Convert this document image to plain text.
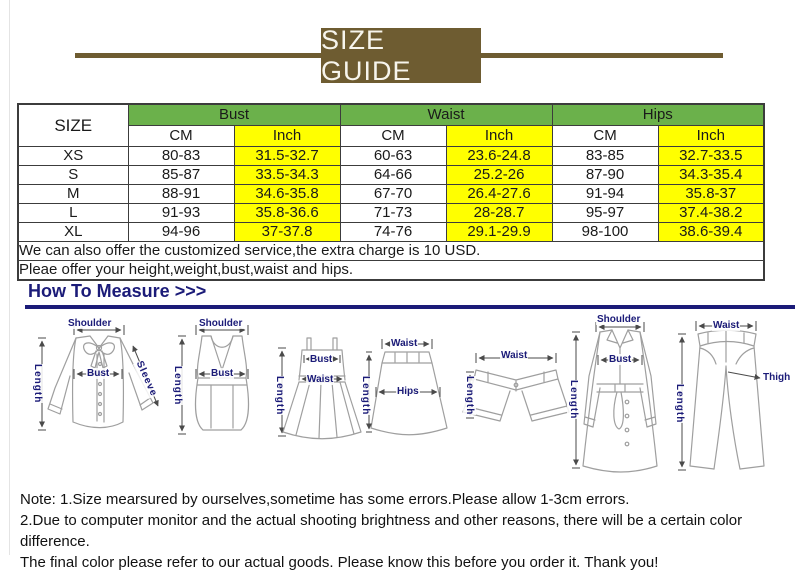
SIZE GUIDE
SIZE	Bust		Waist		Hips	
	CM	Inch	CM	Inch	CM	Inch
XS	80-83	31.5-32.7	60-63	23.6-24.8	83-85	32.7-33.5
S	85-87	33.5-34.3	64-66	25.2-26	87-90	34.3-35.4
M	88-91	34.6-35.8	67-70	26.4-27.6	91-94	35.8-37
L	91-93	35.8-36.6	71-73	28-28.7	95-97	37.4-38.2
XL	94-96	37-37.8	74-76	29.1-29.9	98-100	38.6-39.4
We can also offer the customized service,the extra charge is 10 USD.						
Pleae offer your height,weight,bust,waist and hips.						
How To Measure >>>
Shoulder
Length	Bust Sleeve
Shoulder
Length	Bust
Length
Bust
Waist
Waist
Length	Hips
Waist
Length
Shoulder
Bust
Length
Waist
Length
Thigh
Note: 1.Size mearsured by ourselves,sometime has some errors.Please allow 1-3cm errors.
2.Due to computer monitor and the actual shooting brightness and other reasons, there will be a certain color difference.
The final color please refer to our actual goods. Please know this before you order it. Thank you!
